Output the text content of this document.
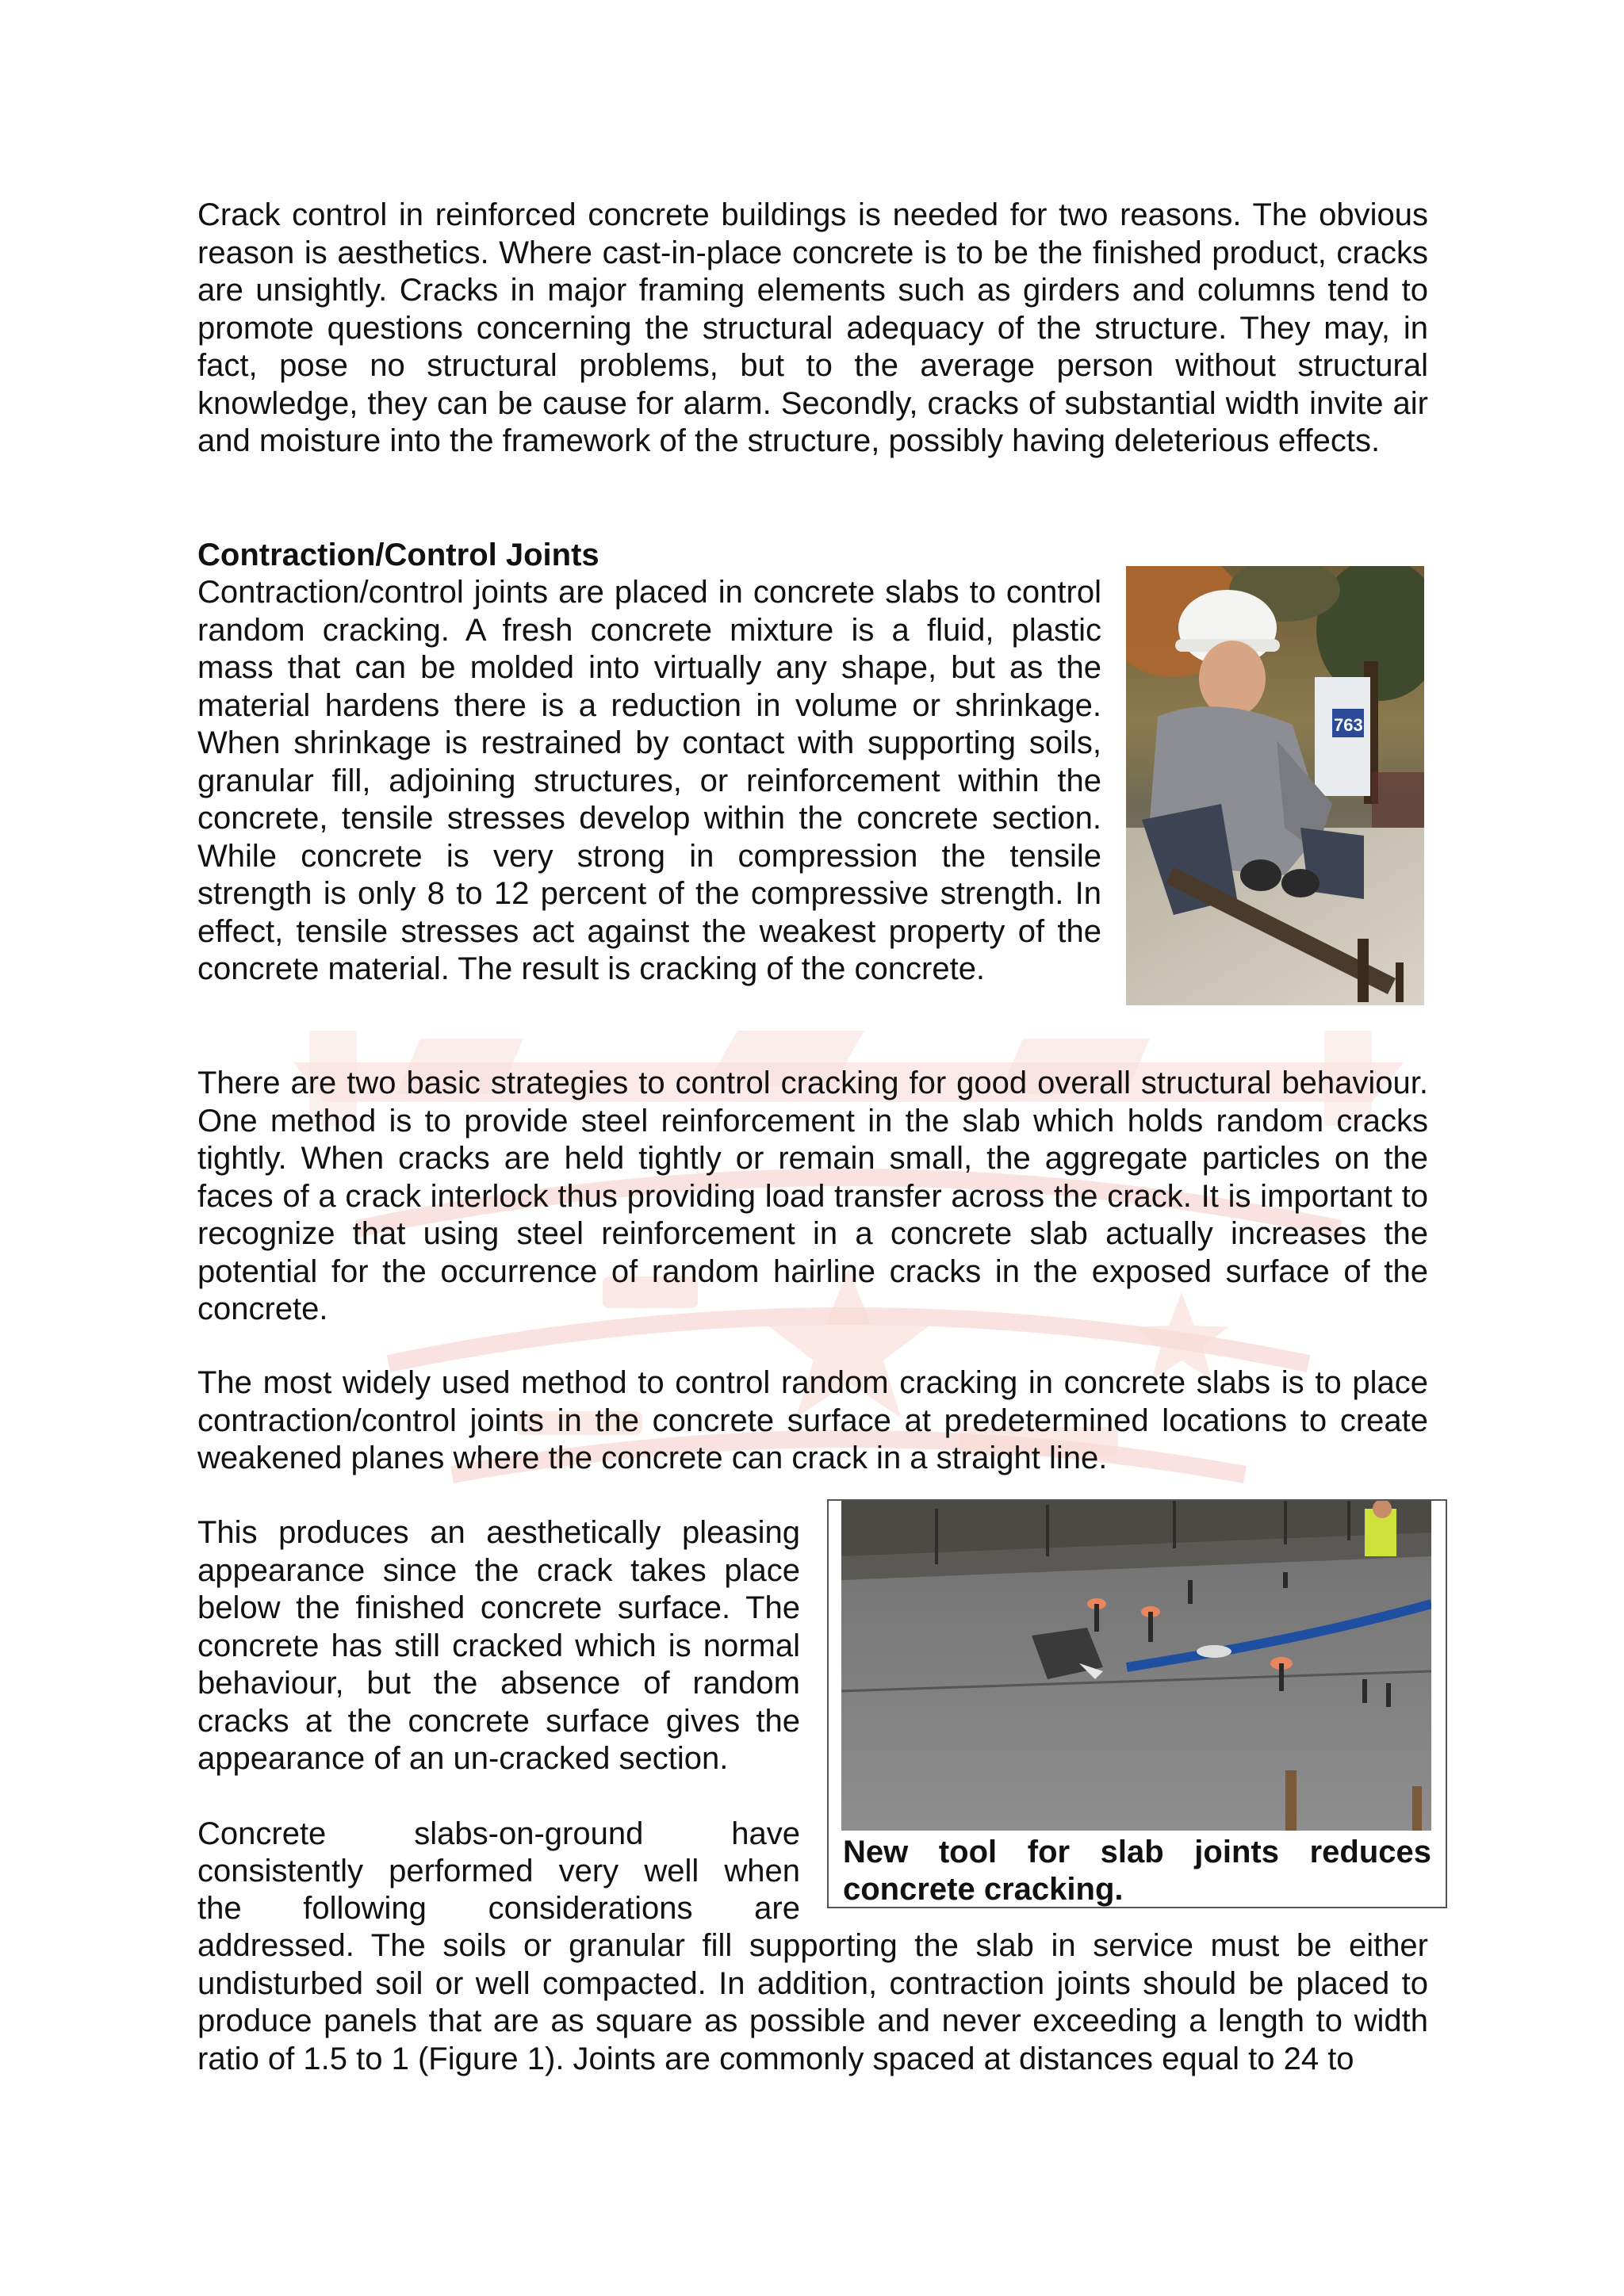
Crack control in reinforced concrete buildings is needed for two reasons. The obvious reason is aesthetics. Where cast-in-place concrete is to be the finished product, cracks are unsightly. Cracks in major framing elements such as girders and columns tend to promote questions concerning the structural adequacy of the structure. They may, in fact, pose no structural problems, but to the average person without structural knowledge, they can be cause for alarm. Secondly, cracks of substantial width invite air and moisture into the framework of the structure, possibly having deleterious effects.

Contraction/Control Joints

Contraction/control joints are placed in concrete slabs to control random cracking. A fresh concrete mixture is a fluid, plastic mass that can be molded into virtually any shape, but as the material hardens there is a reduction in volume or shrinkage. When shrinkage is restrained by contact with supporting soils, granular fill, adjoining structures, or reinforcement within the concrete, tensile stresses develop within the concrete section. While concrete is very strong in compression the tensile strength is only 8 to 12 percent of the compressive strength. In effect, tensile stresses act against the weakest property of the concrete material. The result is cracking of the concrete.

763

There are two basic strategies to control cracking for good overall structural behaviour. One method is to provide steel reinforcement in the slab which holds random cracks tightly. When cracks are held tightly or remain small, the aggregate particles on the faces of a crack interlock thus providing load transfer across the crack. It is important to recognize that using steel reinforcement in a concrete slab actually increases the potential for the occurrence of random hairline cracks in the exposed surface of the concrete.

The most widely used method to control random cracking in concrete slabs is to place contraction/control joints in the concrete surface at predetermined locations to create weakened planes where the concrete can crack in a straight line.

This produces an aesthetically pleasing appearance since the crack takes place below the finished concrete surface. The concrete has still cracked which is normal behaviour, but the absence of random cracks at the concrete surface gives the appearance of an un-cracked section.

Concrete slabs-on-ground have

consistently performed very well when

the following considerations are

addressed. The soils or granular fill supporting the slab in service must be either undisturbed soil or well compacted. In addition, contraction joints should be placed to produce panels that are as square as possible and never exceeding a length to width ratio of 1.5 to 1 (Figure 1). Joints are commonly spaced at distances equal to 24 to

New tool for slab joints reduces concrete cracking.
